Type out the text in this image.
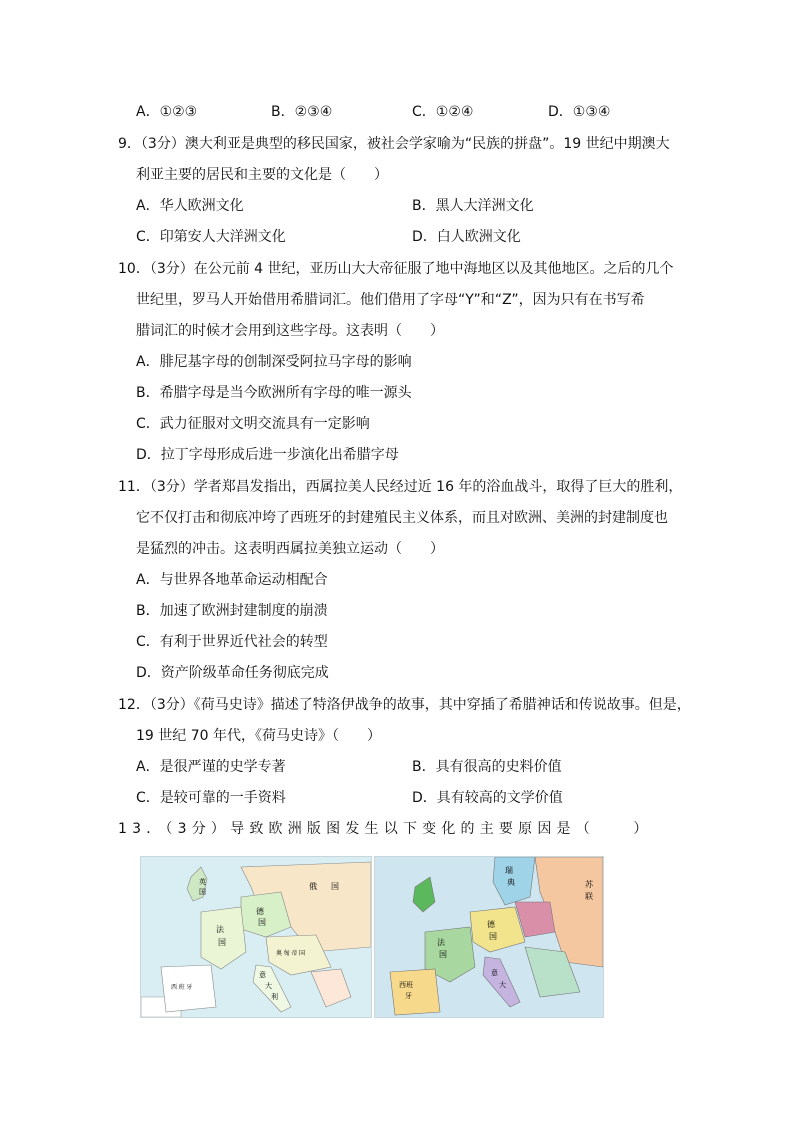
A．①②③	B．②③④	C．①②④	D．①③④
9．（3分）澳大利亚是典型的移民国家，被社会学家喻为“民族的拼盘”。19 世纪中期澳大
利亚主要的居民和主要的文化是（　　）
A．华人欧洲文化	B．黑人大洋洲文化
C．印第安人大洋洲文化	D．白人欧洲文化
10．（3分）在公元前 4 世纪，亚历山大大帝征服了地中海地区以及其他地区。之后的几个
世纪里，罗马人开始借用希腊词汇。他们借用了字母“Y”和“Z”，因为只有在书写希
腊词汇的时候才会用到这些字母。这表明（　　）
A．腓尼基字母的创制深受阿拉马字母的影响
B．希腊字母是当今欧洲所有字母的唯一源头
C．武力征服对文明交流具有一定影响
D．拉丁字母形成后进一步演化出希腊字母
11．（3分）学者郑昌发指出，西属拉美人民经过近 16 年的浴血战斗，取得了巨大的胜利，
它不仅打击和彻底冲垮了西班牙的封建殖民主义体系，而且对欧洲、美洲的封建制度也
是猛烈的冲击。这表明西属拉美独立运动（　　）
A．与世界各地革命运动相配合
B．加速了欧洲封建制度的崩溃
C．有利于世界近代社会的转型
D．资产阶级革命任务彻底完成
12．（3分）《荷马史诗》描述了特洛伊战争的故事，其中穿插了希腊神话和传说故事。但是，
19 世纪 70 年代，《荷马史诗》（　　）
A．是很严谨的史学专著	B．具有很高的史料价值
C．是较可靠的一手资料	D．具有较高的文学价值
13．（3分）导致欧洲版图发生以下变化的主要原因是（　　）
英
国
俄 国
德
国
法
国
奥 匈 帝 国
西 班 牙
意
大
利
法
国
西班
牙
苏
联
德
国
瑞
典
意
大
